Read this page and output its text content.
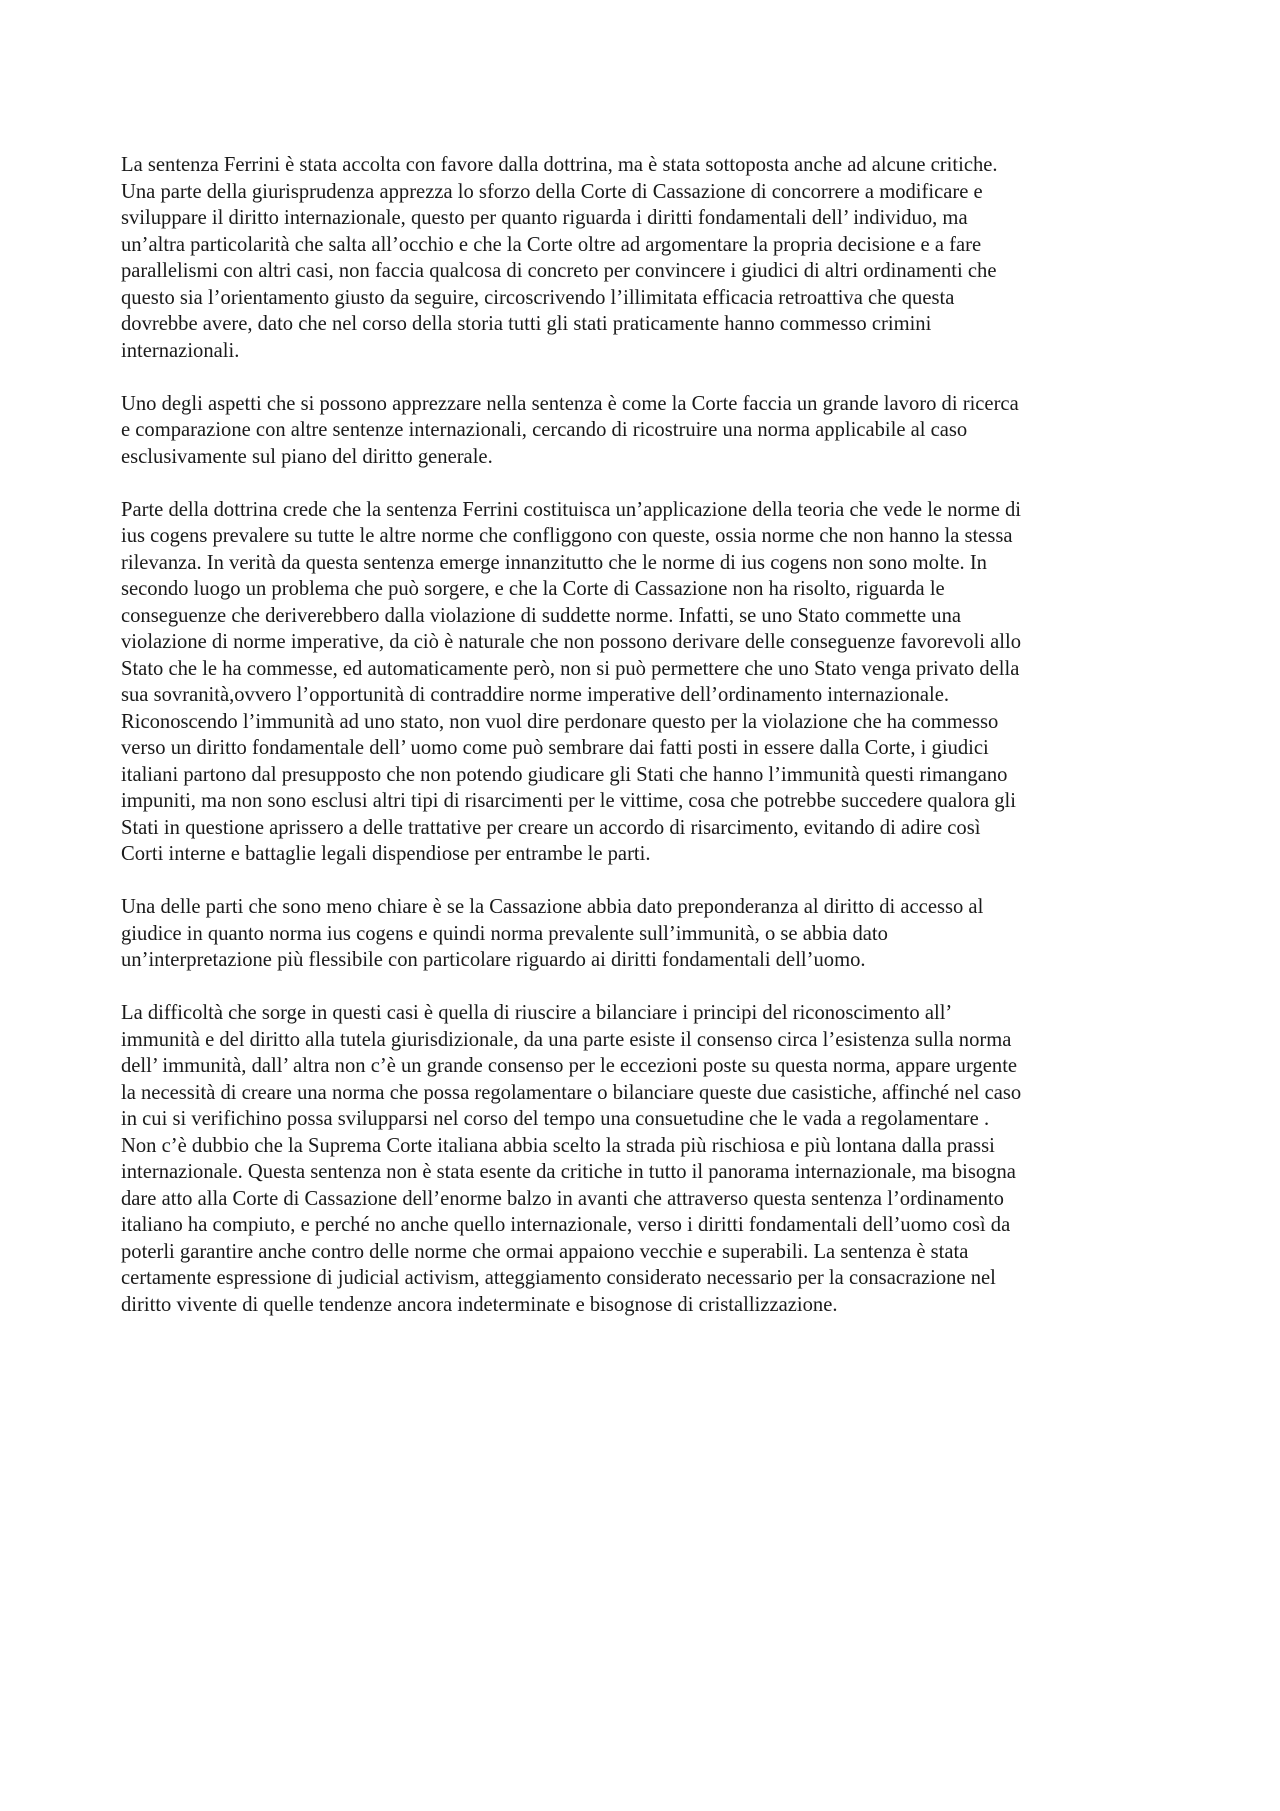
La sentenza Ferrini è stata accolta con favore dalla dottrina, ma è stata sottoposta anche ad alcune critiche.
Una parte della giurisprudenza apprezza lo sforzo della Corte di Cassazione di concorrere a modificare e
sviluppare il diritto internazionale, questo per quanto riguarda i diritti fondamentali dell’ individuo, ma
un’altra particolarità che salta all’occhio e che la Corte oltre ad argomentare la propria decisione e a fare
parallelismi con altri casi, non faccia qualcosa di concreto per convincere i giudici di altri ordinamenti che
questo sia l’orientamento giusto da seguire, circoscrivendo l’illimitata efficacia retroattiva che questa
dovrebbe avere, dato che nel corso della storia tutti gli stati praticamente hanno commesso crimini
internazionali.

Uno degli aspetti che si possono apprezzare nella sentenza è come la Corte faccia un grande lavoro di ricerca
e comparazione con altre sentenze internazionali, cercando di ricostruire una norma applicabile al caso
esclusivamente sul piano del diritto generale.

Parte della dottrina crede che la sentenza Ferrini costituisca un’applicazione della teoria che vede le norme di
ius cogens prevalere su tutte le altre norme che confliggono con queste, ossia norme che non hanno la stessa
rilevanza. In verità da questa sentenza emerge innanzitutto che le norme di ius cogens non sono molte. In
secondo luogo un problema che può sorgere, e che la Corte di Cassazione non ha risolto, riguarda le
conseguenze che deriverebbero dalla violazione di suddette norme. Infatti, se uno Stato commette una
violazione di norme imperative, da ciò è naturale che non possono derivare delle conseguenze favorevoli allo
Stato che le ha commesse, ed automaticamente però, non si può permettere che uno Stato venga privato della
sua sovranità,ovvero l’opportunità di contraddire norme imperative dell’ordinamento internazionale.
Riconoscendo l’immunità ad uno stato, non vuol dire perdonare questo per la violazione che ha commesso
verso un diritto fondamentale dell’ uomo come può sembrare dai fatti posti in essere dalla Corte, i giudici
italiani partono dal presupposto che non potendo giudicare gli Stati che hanno l’immunità questi rimangano
impuniti, ma non sono esclusi altri tipi di risarcimenti per le vittime, cosa che potrebbe succedere qualora gli
Stati in questione aprissero a delle trattative per creare un accordo di risarcimento, evitando di adire così
Corti interne e battaglie legali dispendiose per entrambe le parti.

Una delle parti che sono meno chiare è se la Cassazione abbia dato preponderanza al diritto di accesso al
giudice in quanto norma ius cogens e quindi norma prevalente sull’immunità, o se abbia dato
un’interpretazione più flessibile con particolare riguardo ai diritti fondamentali dell’uomo.

La difficoltà che sorge in questi casi è quella di riuscire a bilanciare i principi del riconoscimento all’
immunità e del diritto alla tutela giurisdizionale, da una parte esiste il consenso circa l’esistenza sulla norma
dell’ immunità, dall’ altra non c’è un grande consenso per le eccezioni poste su questa norma, appare urgente
la necessità di creare una norma che possa regolamentare o bilanciare queste due casistiche, affinché nel caso
in cui si verifichino possa svilupparsi nel corso del tempo una consuetudine che le vada a regolamentare .
Non c’è dubbio che la Suprema Corte italiana abbia scelto la strada più rischiosa e più lontana dalla prassi
internazionale. Questa sentenza non è stata esente da critiche in tutto il panorama internazionale, ma bisogna
dare atto alla Corte di Cassazione dell’enorme balzo in avanti che attraverso questa sentenza l’ordinamento
italiano ha compiuto, e perché no anche quello internazionale, verso i diritti fondamentali dell’uomo così da
poterli garantire anche contro delle norme che ormai appaiono vecchie e superabili. La sentenza è stata
certamente espressione di judicial activism, atteggiamento considerato necessario per la consacrazione nel
diritto vivente di quelle tendenze ancora indeterminate e bisognose di cristallizzazione.
